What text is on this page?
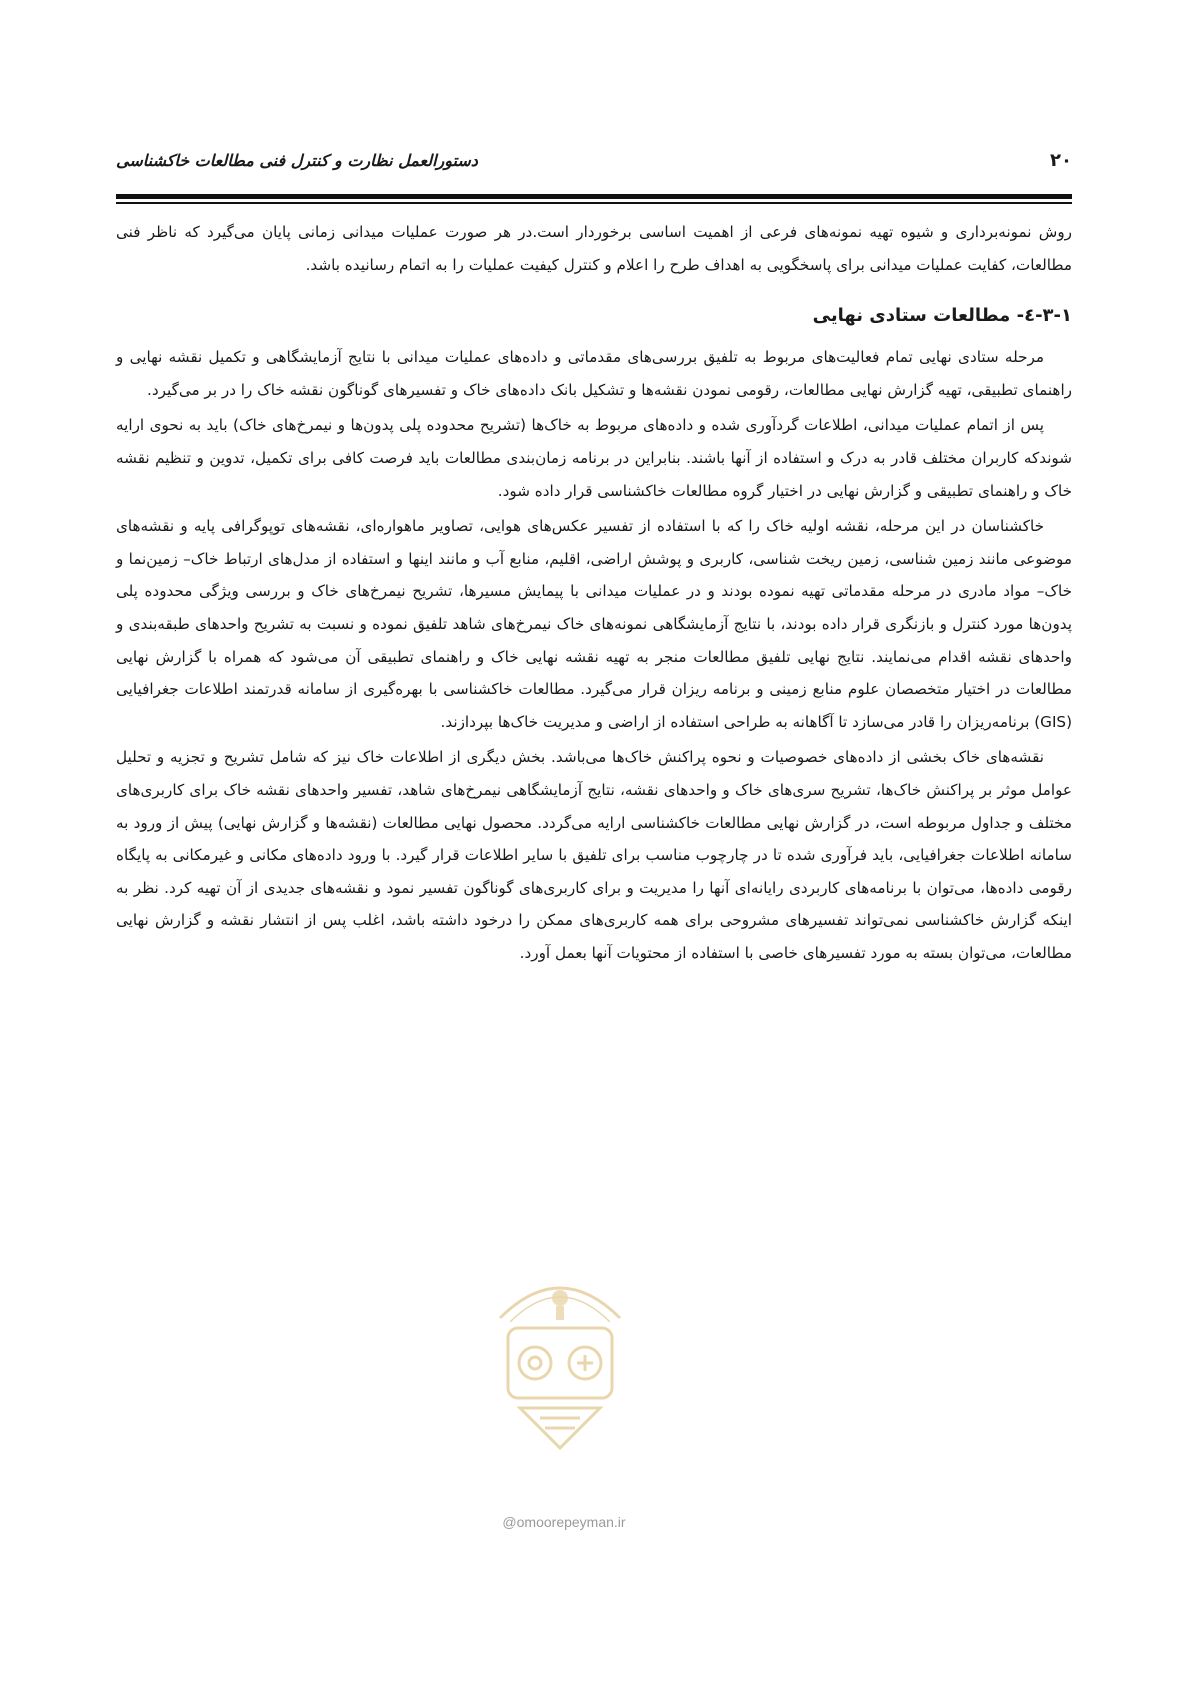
۲۰
دستورالعمل نظارت و کنترل فنی مطالعات خاکشناسی

روش نمونه‌برداری و شیوه تهیه نمونه‌های فرعی از اهمیت اساسی برخوردار است.در هر صورت عملیات میدانی زمانی پایان می‌گیرد که ناظر فنی مطالعات، کفایت عملیات میدانی برای پاسخگویی به اهداف طرح را اعلام و کنترل کیفیت عملیات را به اتمام رسانیده باشد.

۳-۱-٤- مطالعات ستادی نهایی

مرحله ستادی نهایی تمام فعالیت‌های مربوط به تلفیق بررسی‌های مقدماتی و داده‌های عملیات میدانی با نتایج آزمایشگاهی و تکمیل نقشه نهایی و راهنمای تطبیقی، تهیه گزارش نهایی مطالعات، رقومی نمودن نقشه‌ها و تشکیل بانک داده‌های خاک و تفسیرهای گوناگون نقشه خاک را در بر می‌گیرد.

پس از اتمام عملیات میدانی، اطلاعات گردآوری شده و داده‌های مربوط به خاک‌ها (تشریح محدوده پلی پدون‌ها و نیمرخ‌های خاک) باید به نحوی ارایه شوندکه کاربران مختلف قادر به درک و استفاده از آنها باشند. بنابراین در برنامه زمان‌بندی مطالعات باید فرصت کافی برای تکمیل، تدوین و تنظیم نقشه خاک و راهنمای تطبیقی و گزارش نهایی در اختیار گروه مطالعات خاکشناسی قرار داده شود.

خاکشناسان در این مرحله، نقشه اولیه خاک را که با استفاده از تفسیر عکس‌های هوایی، تصاویر ماهواره‌ای، نقشه‌های توپوگرافی پایه و نقشه‌های موضوعی مانند زمین شناسی، زمین ریخت شناسی، کاربری و پوشش اراضی، اقلیم، منابع آب و مانند اینها و استفاده از مدل‌های ارتباط خاک– زمین‌نما و خاک– مواد مادری در مرحله مقدماتی تهیه نموده بودند و در عملیات میدانی با پیمایش مسیرها، تشریح نیمرخ‌های خاک و بررسی ویژگی محدوده پلی پدون‌ها مورد کنترل و بازنگری قرار داده بودند، با نتایج آزمایشگاهی نمونه‌های خاک نیمرخ‌های شاهد تلفیق نموده و نسبت به تشریح واحدهای طبقه‌بندی و واحدهای نقشه اقدام می‌نمایند. نتایج نهایی تلفیق مطالعات منجر به تهیه نقشه نهایی خاک و راهنمای تطبیقی آن می‌شود که همراه با گزارش نهایی مطالعات در اختیار متخصصان علوم منابع زمینی و برنامه ریزان قرار می‌گیرد. مطالعات خاکشناسی با بهره‌گیری از سامانه قدرتمند اطلاعات جغرافیایی (GIS) برنامه‌ریزان را قادر می‌سازد تا آگاهانه به طراحی استفاده از اراضی و مدیریت خاک‌ها بپردازند.

نقشه‌های خاک بخشی از داده‌های خصوصیات و نحوه پراکنش خاک‌ها می‌باشد. بخش دیگری از اطلاعات خاک نیز که شامل تشریح و تجزیه و تحلیل عوامل موثر بر پراکنش خاک‌ها، تشریح سری‌های خاک و واحدهای نقشه، نتایج آزمایشگاهی نیمرخ‌های شاهد، تفسیر واحدهای نقشه خاک برای کاربری‌های مختلف و جداول مربوطه است، در گزارش نهایی مطالعات خاکشناسی ارایه می‌گردد. محصول نهایی مطالعات (نقشه‌ها و گزارش نهایی) پیش از ورود به سامانه اطلاعات جغرافیایی، باید فرآوری شده تا در چارچوب مناسب برای تلفیق با سایر اطلاعات قرار گیرد. با ورود داده‌های مکانی و غیرمکانی به پایگاه رقومی داده‌ها، می‌توان با برنامه‌های کاربردی رایانه‌ای آنها را مدیریت و برای کاربری‌های گوناگون تفسیر نمود و نقشه‌های جدیدی از آن تهیه کرد. نظر به اینکه گزارش خاکشناسی نمی‌تواند تفسیرهای مشروحی برای همه کاربری‌های ممکن را درخود داشته باشد، اغلب پس از انتشار نقشه و گزارش نهایی مطالعات، می‌توان بسته به مورد تفسیرهای خاصی با استفاده از محتویات آنها بعمل آورد.

@omoorepeyman.ir
